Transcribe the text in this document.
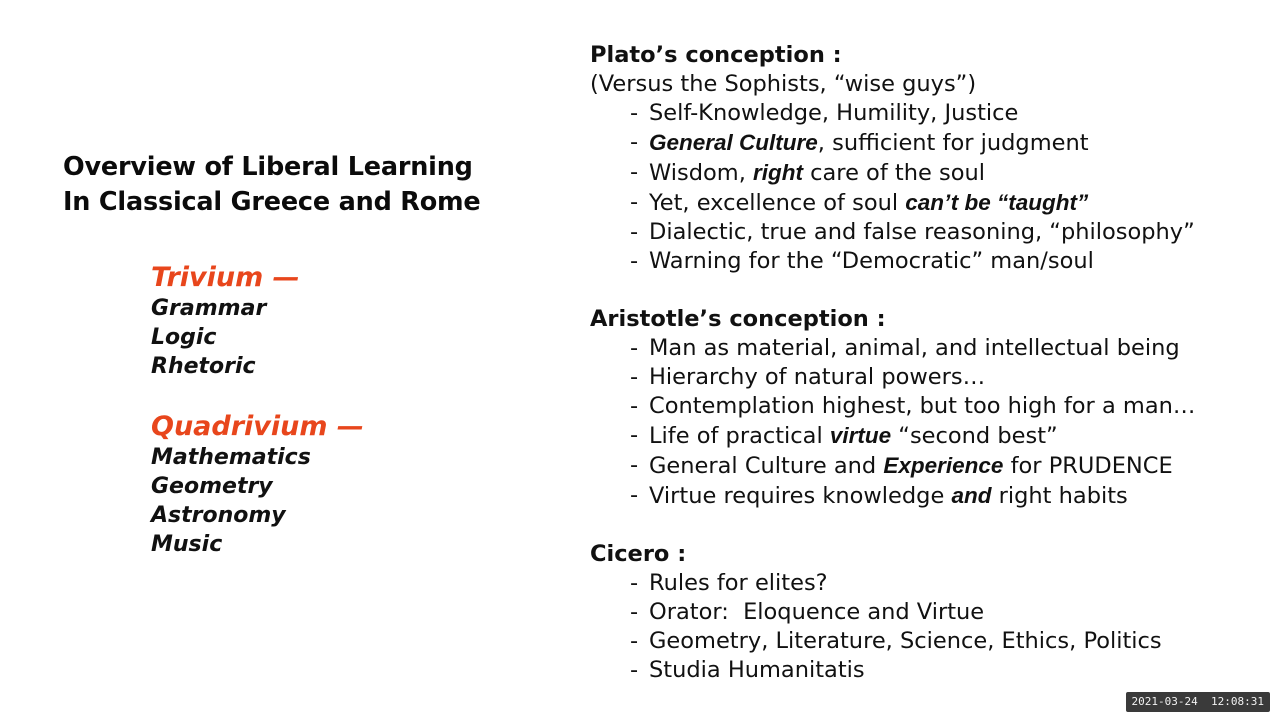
Overview of Liberal Learning
In Classical Greece and Rome
Trivium —
Grammar
Logic
Rhetoric
Quadrivium —
Mathematics
Geometry
Astronomy
Music
Plato’s conception :
(Versus the Sophists, “wise guys”)
- Self-Knowledge, Humility, Justice
- General Culture, sufficient for judgment
- Wisdom, right care of the soul
- Yet, excellence of soul can’t be “taught”
- Dialectic, true and false reasoning, “philosophy”
- Warning for the “Democratic” man/soul
Aristotle’s conception :
- Man as material, animal, and intellectual being
- Hierarchy of natural powers…
- Contemplation highest, but too high for a man…
- Life of practical virtue “second best”
- General Culture and Experience for PRUDENCE
- Virtue requires knowledge and right habits
Cicero :
- Rules for elites?
- Orator:  Eloquence and Virtue
- Geometry, Literature, Science, Ethics, Politics
- Studia Humanitatis
2021-03-24  12:08:31
